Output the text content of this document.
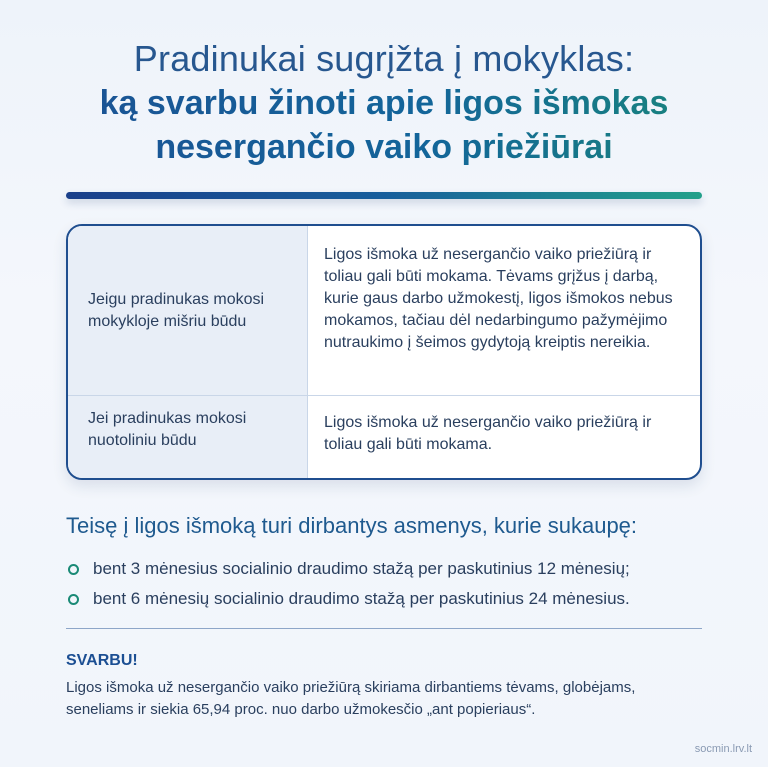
Pradinukai sugrįžta į mokyklas:
ką svarbu žinoti apie ligos išmokas
nesergančio vaiko priežiūrai
Jeigu pradinukas mokosi mokykloje mišriu būdu
Ligos išmoka už nesergančio vaiko priežiūrą ir toliau gali būti mokama. Tėvams grįžus į darbą, kurie gaus darbo užmokestį, ligos išmokos nebus mokamos, tačiau dėl nedarbingumo pažymėjimo nutraukimo į šeimos gydytoją kreiptis nereikia.
Jei pradinukas mokosi nuotoliniu būdu
Ligos išmoka už nesergančio vaiko priežiūrą ir toliau gali būti mokama.
Teisę į ligos išmoką turi dirbantys asmenys, kurie sukaupę:
bent 3 mėnesius socialinio draudimo stažą per paskutinius 12 mėnesių;
bent 6 mėnesių socialinio draudimo stažą per paskutinius 24 mėnesius.
SVARBU!
Ligos išmoka už nesergančio vaiko priežiūrą skiriama dirbantiems tėvams, globėjams, seneliams ir siekia 65,94 proc. nuo darbo užmokesčio „ant popieriaus“.
socmin.lrv.lt
